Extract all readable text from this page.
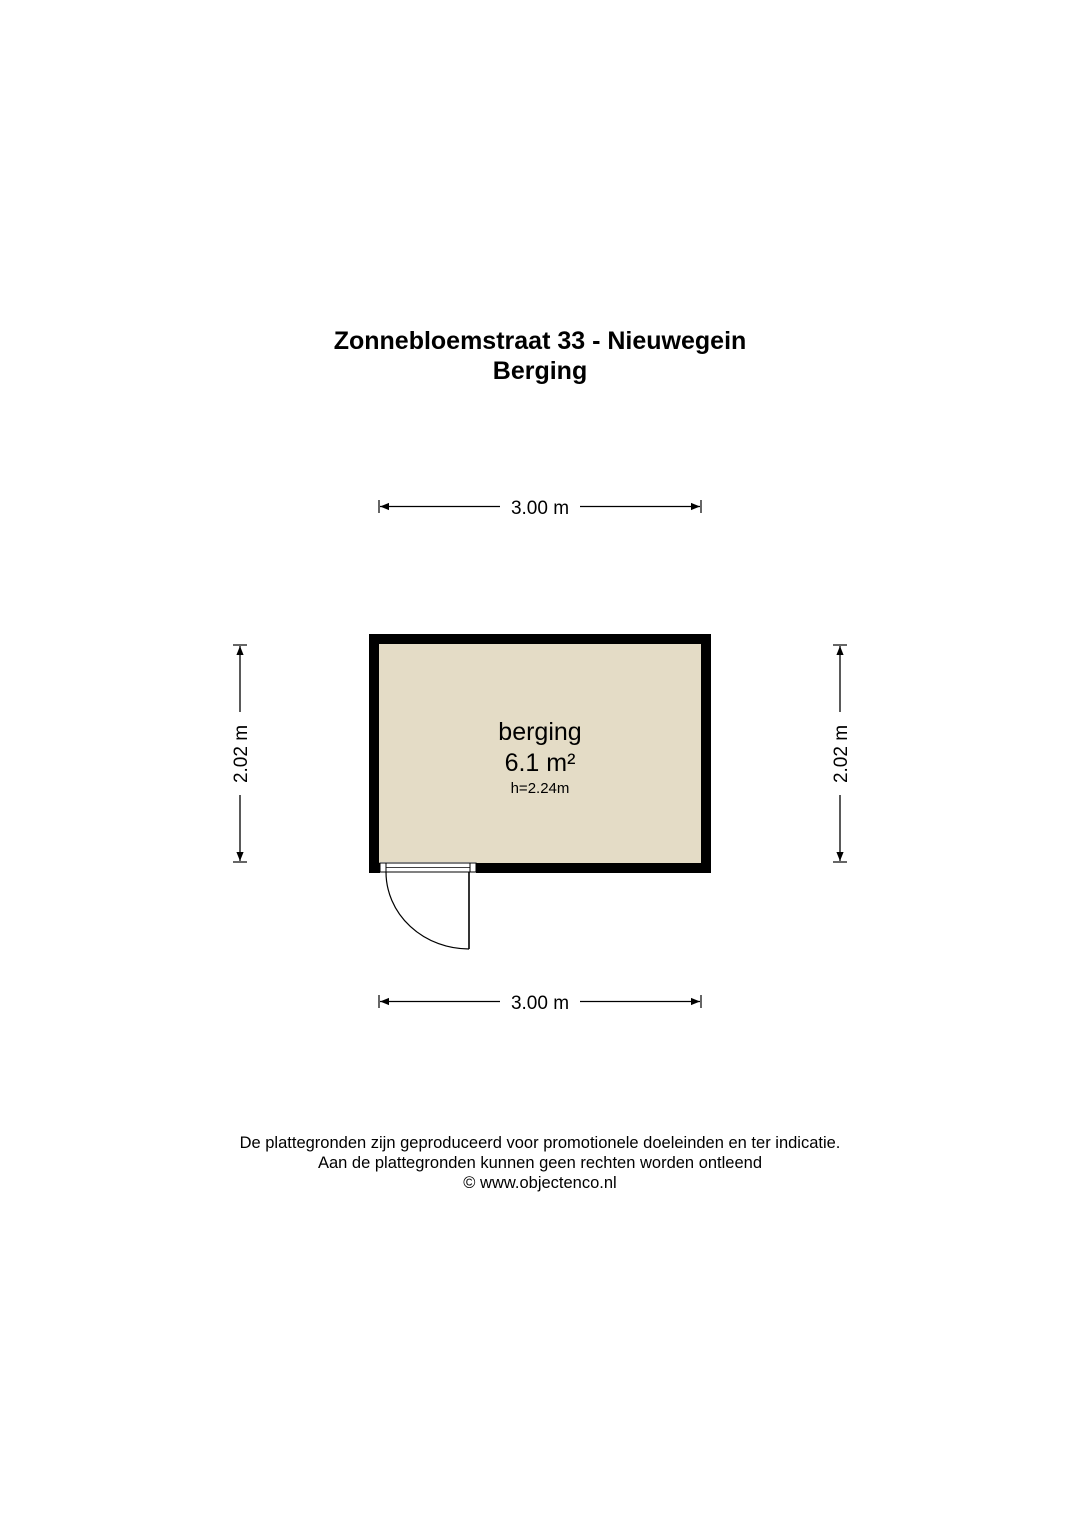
Zonnebloemstraat 33 - Nieuwegein
Berging
3.00 m
3.00 m
2.02 m	2.02 m
berging
6.1 m²
h=2.24m
De plattegronden zijn geproduceerd voor promotionele doeleinden en ter indicatie.
Aan de plattegronden kunnen geen rechten worden ontleend
© www.objectenco.nl
